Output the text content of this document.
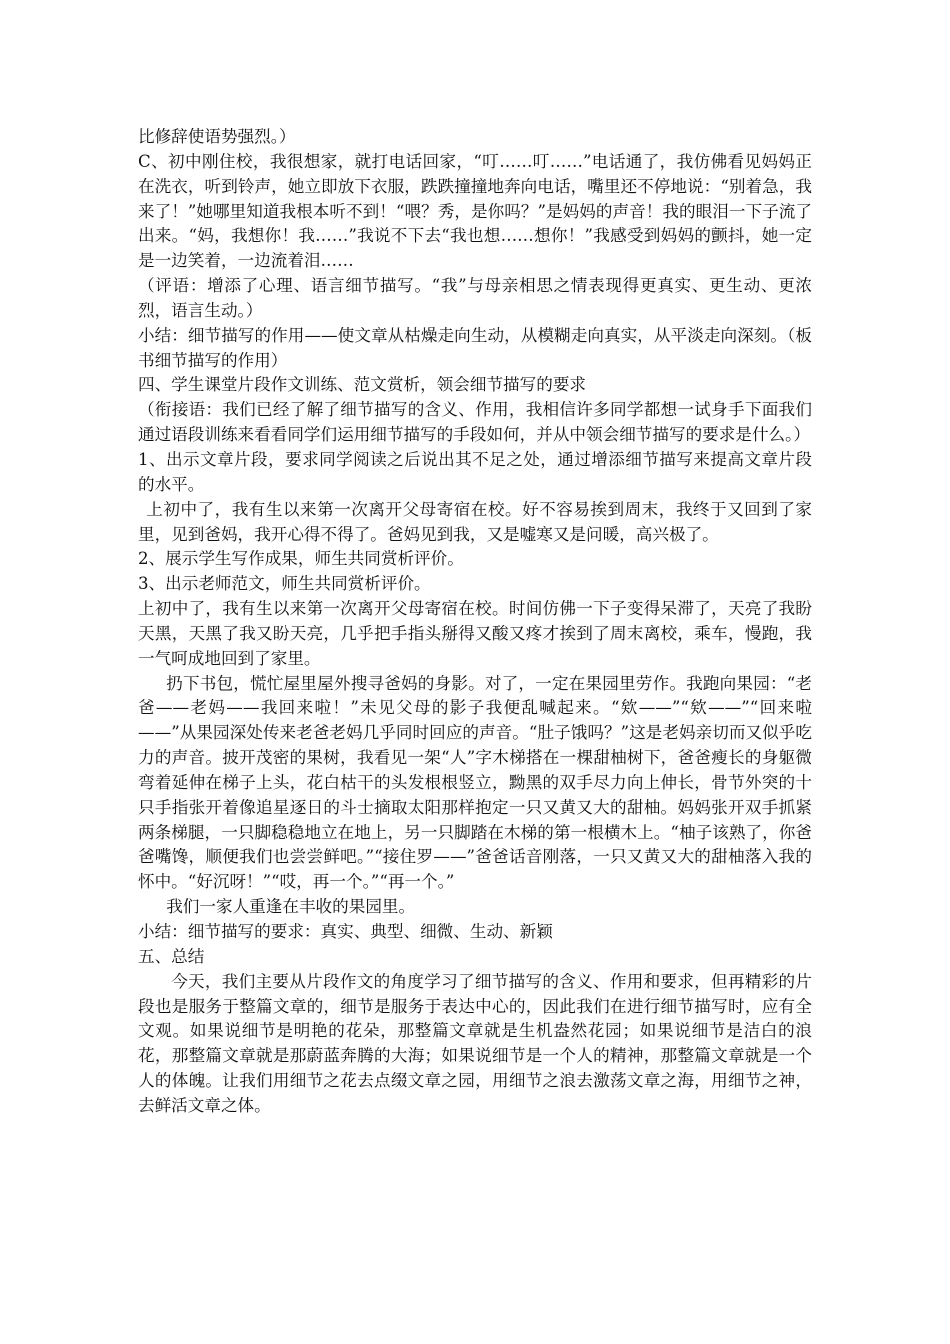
比修辞使语势强烈。）

C、初中刚住校，我很想家，就打电话回家，“叮……叮……”电话通了，我仿佛看见妈妈正在洗衣，听到铃声，她立即放下衣服，跌跌撞撞地奔向电话，嘴里还不停地说：“别着急，我来了！”她哪里知道我根本听不到！“喂？秀，是你吗？”是妈妈的声音！我的眼泪一下子流了出来。“妈，我想你！我……”我说不下去“我也想……想你！”我感受到妈妈的颤抖，她一定是一边笑着，一边流着泪……

（评语：增添了心理、语言细节描写。“我”与母亲相思之情表现得更真实、更生动、更浓烈，语言生动。）

小结：细节描写的作用——使文章从枯燥走向生动，从模糊走向真实，从平淡走向深刻。（板书细节描写的作用）

四、学生课堂片段作文训练、范文赏析，领会细节描写的要求

（衔接语：我们已经了解了细节描写的含义、作用，我相信许多同学都想一试身手下面我们通过语段训练来看看同学们运用细节描写的手段如何，并从中领会细节描写的要求是什么。）

1、出示文章片段，要求同学阅读之后说出其不足之处，通过增添细节描写来提高文章片段的水平。

上初中了，我有生以来第一次离开父母寄宿在校。好不容易挨到周末，我终于又回到了家里，见到爸妈，我开心得不得了。爸妈见到我，又是嘘寒又是问暖，高兴极了。

2、展示学生写作成果，师生共同赏析评价。

3、出示老师范文，师生共同赏析评价。

上初中了，我有生以来第一次离开父母寄宿在校。时间仿佛一下子变得呆滞了，天亮了我盼天黑，天黑了我又盼天亮，几乎把手指头掰得又酸又疼才挨到了周末离校，乘车，慢跑，我一气呵成地回到了家里。

扔下书包，慌忙屋里屋外搜寻爸妈的身影。对了，一定在果园里劳作。我跑向果园：“老爸——老妈——我回来啦！”未见父母的影子我便乱喊起来。“欸——”“欸——”“回来啦——”从果园深处传来老爸老妈几乎同时回应的声音。“肚子饿吗？”这是老妈亲切而又似乎吃力的声音。披开茂密的果树，我看见一架“人”字木梯搭在一棵甜柚树下，爸爸瘦长的身躯微弯着延伸在梯子上头，花白枯干的头发根根竖立，黝黑的双手尽力向上伸长，骨节外突的十只手指张开着像追星逐日的斗士摘取太阳那样抱定一只又黄又大的甜柚。妈妈张开双手抓紧两条梯腿，一只脚稳稳地立在地上，另一只脚踏在木梯的第一根横木上。“柚子该熟了，你爸爸嘴馋，顺便我们也尝尝鲜吧。”“接住罗——”爸爸话音刚落，一只又黄又大的甜柚落入我的怀中。“好沉呀！”“哎，再一个。”“再一个。”

我们一家人重逢在丰收的果园里。

小结：细节描写的要求：真实、典型、细微、生动、新颖

五、总结

今天，我们主要从片段作文的角度学习了细节描写的含义、作用和要求，但再精彩的片段也是服务于整篇文章的，细节是服务于表达中心的，因此我们在进行细节描写时，应有全文观。如果说细节是明艳的花朵，那整篇文章就是生机盎然花园；如果说细节是洁白的浪花，那整篇文章就是那蔚蓝奔腾的大海；如果说细节是一个人的精神，那整篇文章就是一个人的体魄。让我们用细节之花去点缀文章之园，用细节之浪去激荡文章之海，用细节之神，去鲜活文章之体。
